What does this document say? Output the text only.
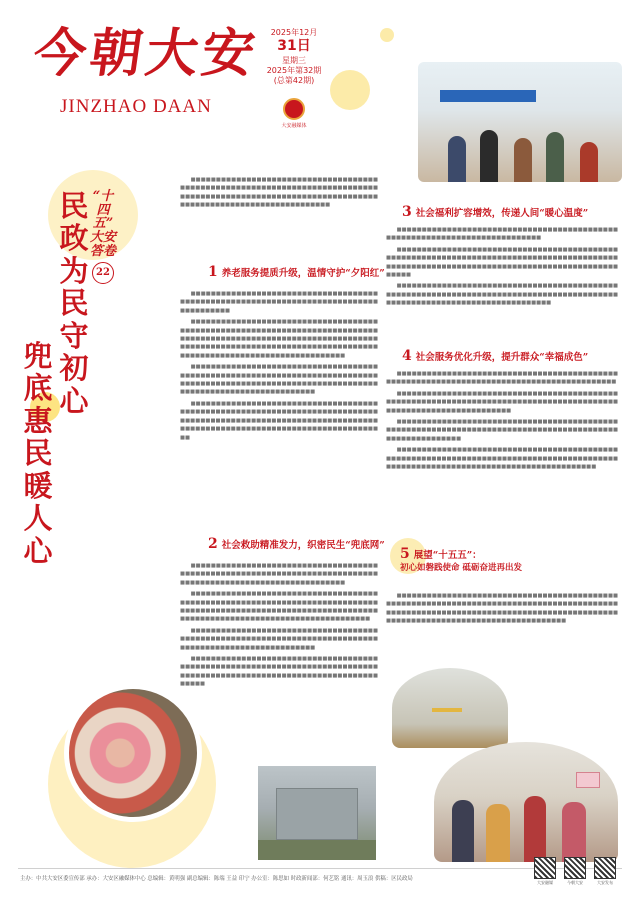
今朝大安
JINZHAO DAAN
2025年12月
31日
星期三
2025年第32期
(总第42期)
大安融媒体
“十四五” 大安答卷
22
民政为民守初心
兜底惠民暖人心

■■■■■■■■■■■■■■■■■■■■■■■■■■■■■■■■■■■■■■■■■■■■■■■■■■■■■■■■■■■■■■■■■■■■■■■■■■■■■■■■■■■■■■■■■■■■■■■■■■■■■■■■■■■■■■■■■■■■■■■■■■■■■■■■■■■■■■■■■■■■■■■■■

1 养老服务提质升级，温情守护“夕阳红”

■■■■■■■■■■■■■■■■■■■■■■■■■■■■■■■■■■■■■■■■■■■■■■■■■■■■■■■■■■■■■■■■■■■■■■■■■■■■■■■■■■■■■■

■■■■■■■■■■■■■■■■■■■■■■■■■■■■■■■■■■■■■■■■■■■■■■■■■■■■■■■■■■■■■■■■■■■■■■■■■■■■■■■■■■■■■■■■■■■■■■■■■■■■■■■■■■■■■■■■■■■■■■■■■■■■■■■■■■■■■■■■■■■■■■■■■■■■■■■■■■■■■■■■■■■■■■■■■■■■■■■■■■■■■■■■■■■

■■■■■■■■■■■■■■■■■■■■■■■■■■■■■■■■■■■■■■■■■■■■■■■■■■■■■■■■■■■■■■■■■■■■■■■■■■■■■■■■■■■■■■■■■■■■■■■■■■■■■■■■■■■■■■■■■■■■■■■■■■■■■■■■■■■■■■■■■■■■■■

■■■■■■■■■■■■■■■■■■■■■■■■■■■■■■■■■■■■■■■■■■■■■■■■■■■■■■■■■■■■■■■■■■■■■■■■■■■■■■■■■■■■■■■■■■■■■■■■■■■■■■■■■■■■■■■■■■■■■■■■■■■■■■■■■■■■■■■■■■■■■■■■■■■■■■■■■■■■

2 社会救助精准发力，织密民生“兜底网”

■■■■■■■■■■■■■■■■■■■■■■■■■■■■■■■■■■■■■■■■■■■■■■■■■■■■■■■■■■■■■■■■■■■■■■■■■■■■■■■■■■■■■■■■■■■■■■■■■■■■■■■■■■■■■

■■■■■■■■■■■■■■■■■■■■■■■■■■■■■■■■■■■■■■■■■■■■■■■■■■■■■■■■■■■■■■■■■■■■■■■■■■■■■■■■■■■■■■■■■■■■■■■■■■■■■■■■■■■■■■■■■■■■■■■■■■■■■■■■■■■■■■■■■■■■■■■■■■■■■■■■■

■■■■■■■■■■■■■■■■■■■■■■■■■■■■■■■■■■■■■■■■■■■■■■■■■■■■■■■■■■■■■■■■■■■■■■■■■■■■■■■■■■■■■■■■■■■■■■■■■■■■■■■

■■■■■■■■■■■■■■■■■■■■■■■■■■■■■■■■■■■■■■■■■■■■■■■■■■■■■■■■■■■■■■■■■■■■■■■■■■■■■■■■■■■■■■■■■■■■■■■■■■■■■■■■■■■■■■■■■■■■■■■■

3 社会福利扩容增效，传递人间“暖心温度”

■■■■■■■■■■■■■■■■■■■■■■■■■■■■■■■■■■■■■■■■■■■■■■■■■■■■■■■■■■■■■■■■■■■■■■■■■■■

■■■■■■■■■■■■■■■■■■■■■■■■■■■■■■■■■■■■■■■■■■■■■■■■■■■■■■■■■■■■■■■■■■■■■■■■■■■■■■■■■■■■■■■■■■■■■■■■■■■■■■■■■■■■■■■■■■■■■■■■■■■■■■■■■■■■■■■■■■■■■

■■■■■■■■■■■■■■■■■■■■■■■■■■■■■■■■■■■■■■■■■■■■■■■■■■■■■■■■■■■■■■■■■■■■■■■■■■■■■■■■■■■■■■■■■■■■■■■■■■■■■■■■■■■■■■■■■■■■■■■■■■■

4 社会服务优化升级，提升群众“幸福成色”

■■■■■■■■■■■■■■■■■■■■■■■■■■■■■■■■■■■■■■■■■■■■■■■■■■■■■■■■■■■■■■■■■■■■■■■■■■■■■■■■■■■■■■■■■■

■■■■■■■■■■■■■■■■■■■■■■■■■■■■■■■■■■■■■■■■■■■■■■■■■■■■■■■■■■■■■■■■■■■■■■■■■■■■■■■■■■■■■■■■■■■■■■■■■■■■■■■■■■■■■■■■■■■

■■■■■■■■■■■■■■■■■■■■■■■■■■■■■■■■■■■■■■■■■■■■■■■■■■■■■■■■■■■■■■■■■■■■■■■■■■■■■■■■■■■■■■■■■■■■■■■■■■■■■■■■■

■■■■■■■■■■■■■■■■■■■■■■■■■■■■■■■■■■■■■■■■■■■■■■■■■■■■■■■■■■■■■■■■■■■■■■■■■■■■■■■■■■■■■■■■■■■■■■■■■■■■■■■■■■■■■■■■■■■■■■■■■■■■■■■■■■■■

5 展望“十五五”：
初心如磐践使命 砥砺奋进再出发

■■■■■■■■■■■■■■■■■■■■■■■■■■■■■■■■■■■■■■■■■■■■■■■■■■■■■■■■■■■■■■■■■■■■■■■■■■■■■■■■■■■■■■■■■■■■■■■■■■■■■■■■■■■■■■■■■■■■■■■■■■■■■■■■■■■■■■■■■■■■■■■■■■■■■■■■■■■■■■■■■■■■■■■■■■■■

主办：中共大安区委宣传部 承办：大安区融媒体中心 总编辑：黄明强 副总编辑：陈端 王益 印宁 办公室：陈思如 时政新闻部：何艺铭 通讯：周玉浪 供稿：区民政局
大安融媒	今朝大安	大安发布
